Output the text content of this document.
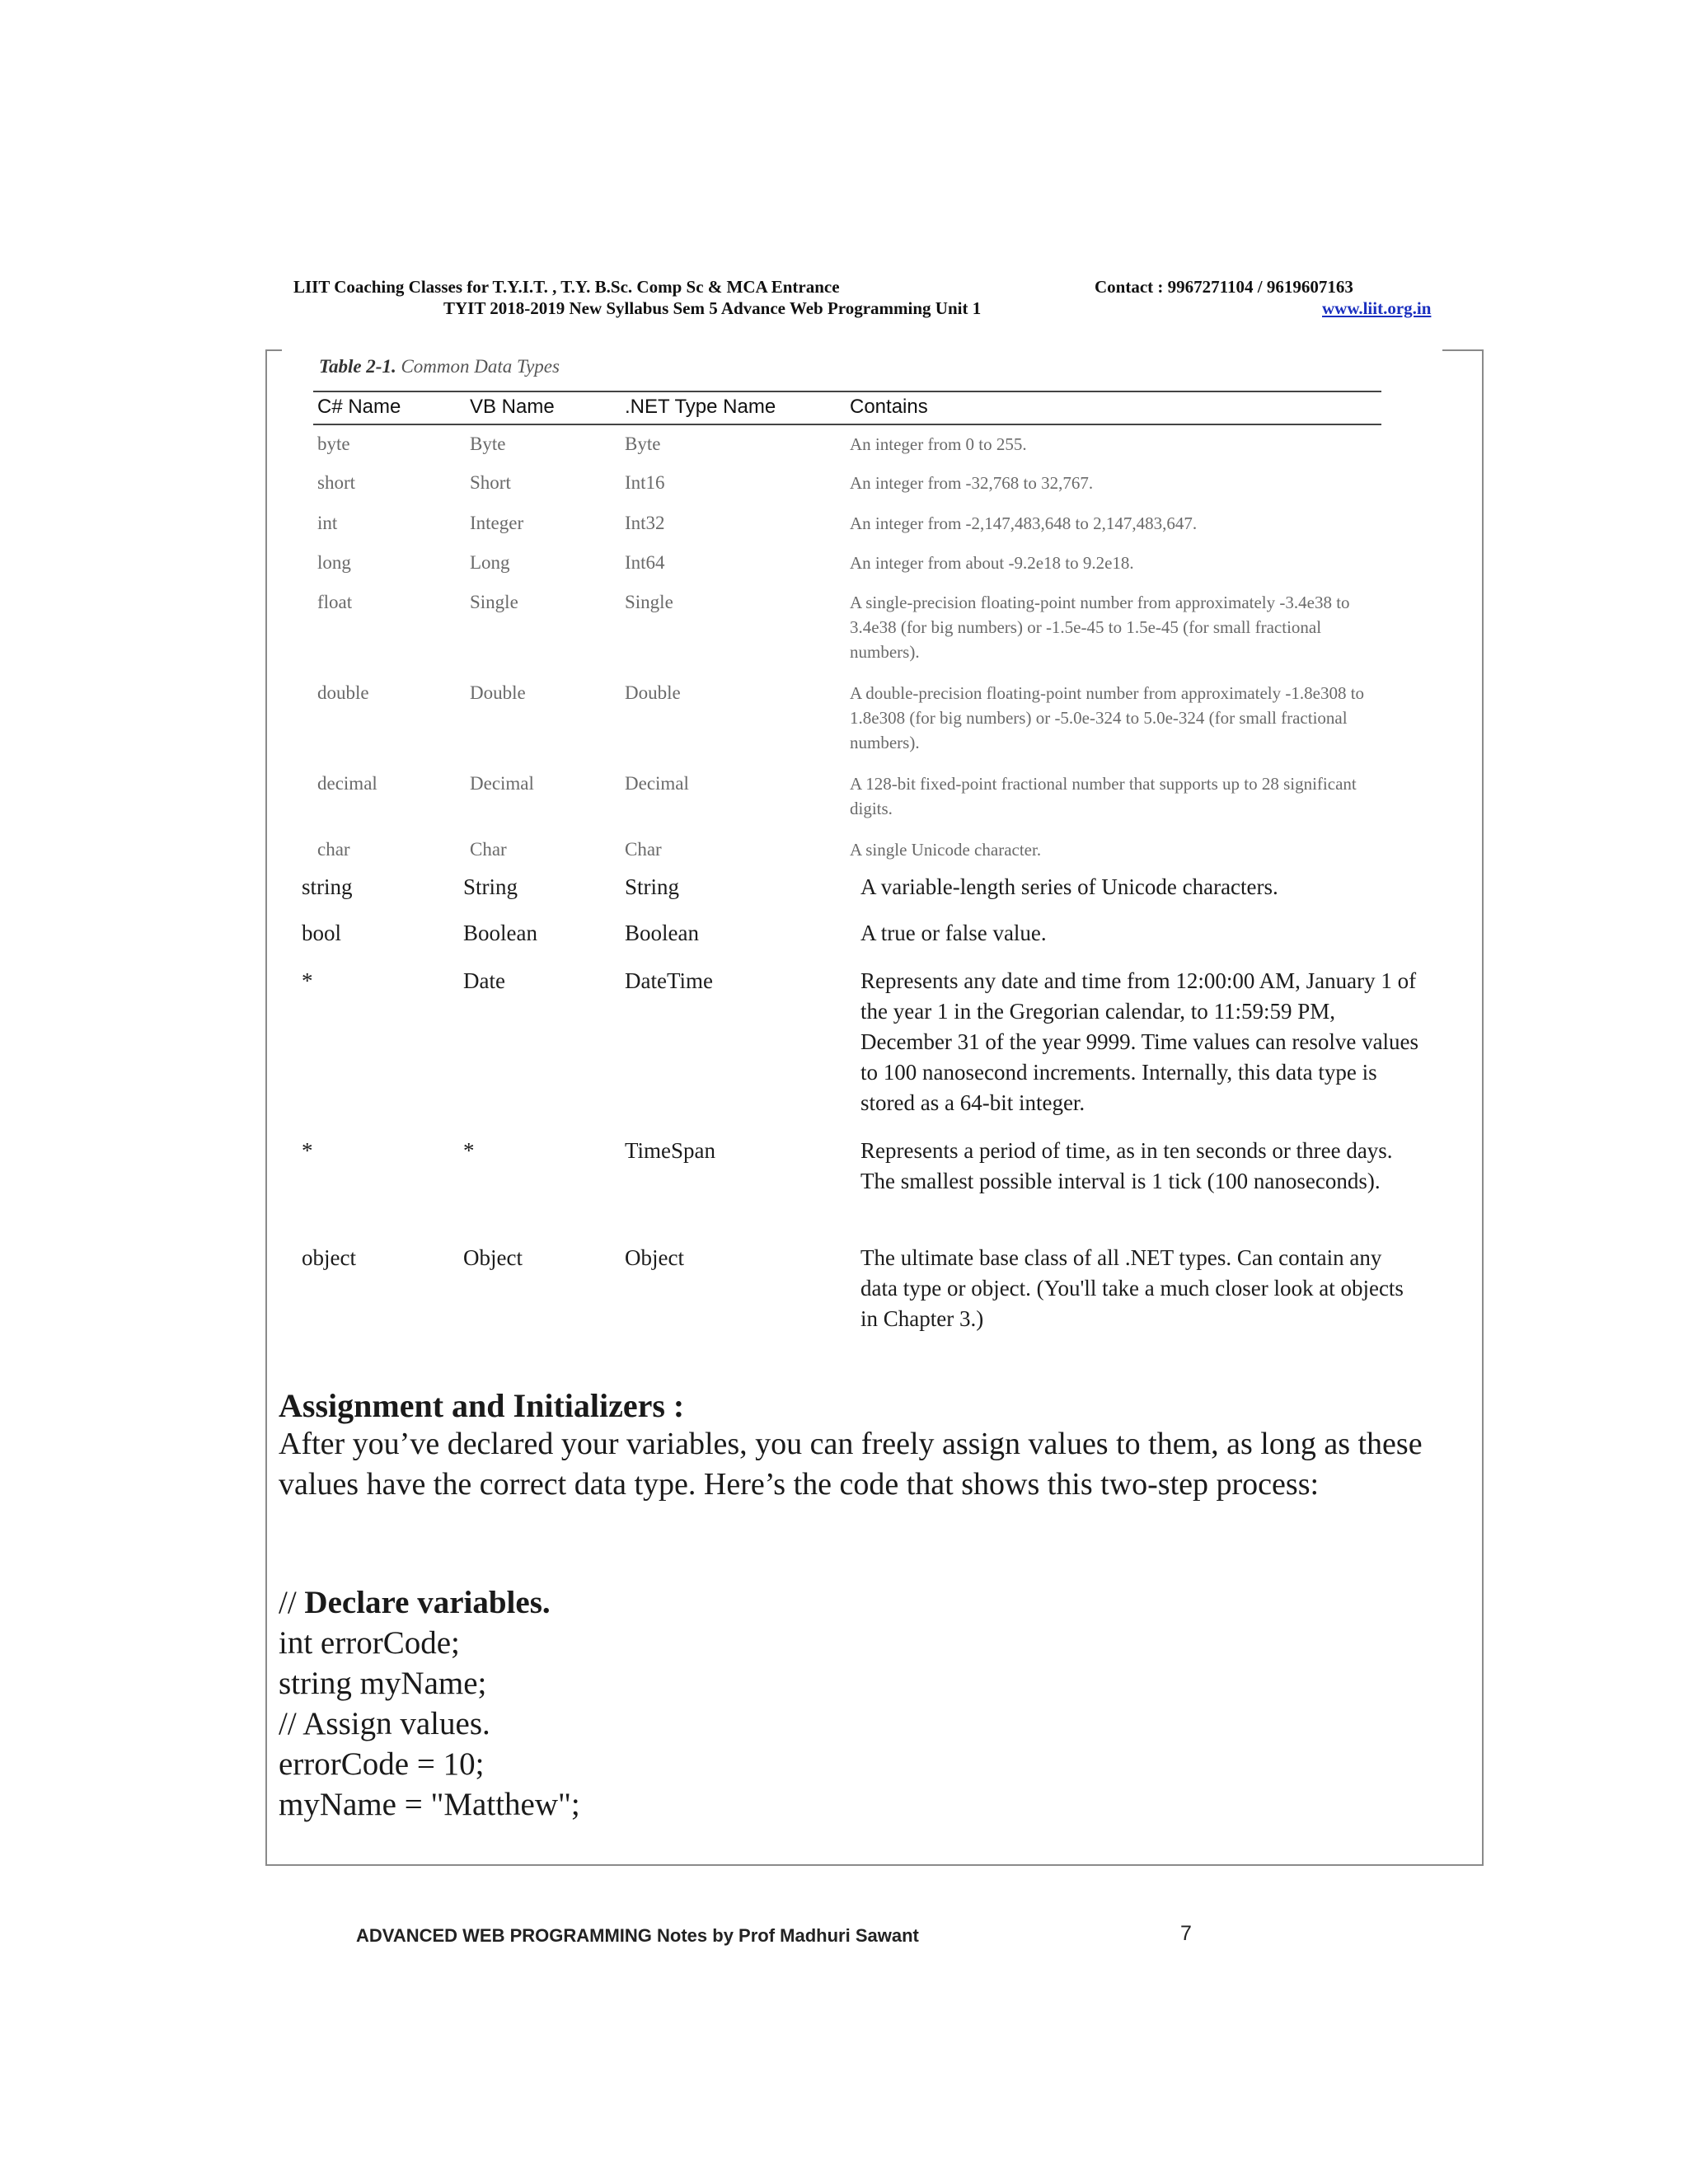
LIIT Coaching Classes for T.Y.I.T. , T.Y. B.Sc. Comp Sc & MCA Entrance	Contact : 9967271104 / 9619607163
TYIT 2018-2019 New Syllabus Sem 5 Advance Web Programming Unit 1	www.liit.org.in
Table 2-1. Common Data Types
C# Name	VB Name	.NET Type Name	Contains
byte	Byte	Byte	An integer from 0 to 255.
short	Short	Int16	An integer from -32,768 to 32,767.
int	Integer	Int32	An integer from -2,147,483,648 to 2,147,483,647.
long	Long	Int64	An integer from about -9.2e18 to 9.2e18.
float	Single	Single	A single-precision floating-point number from approximately -3.4e38 to 3.4e38 (for big numbers) or -1.5e-45 to 1.5e-45 (for small fractional numbers).
double	Double	Double	A double-precision floating-point number from approximately -1.8e308 to 1.8e308 (for big numbers) or -5.0e-324 to 5.0e-324 (for small fractional numbers).
decimal	Decimal	Decimal	A 128-bit fixed-point fractional number that supports up to 28 significant digits.
char	Char	Char	A single Unicode character.
string	String	String	A variable-length series of Unicode characters.
bool	Boolean	Boolean	A true or false value.
*	Date	DateTime	Represents any date and time from 12:00:00 AM, January 1 of the year 1 in the Gregorian calendar, to 11:59:59 PM, December 31 of the year 9999. Time values can resolve values to 100 nanosecond increments. Internally, this data type is stored as a 64-bit integer.
*	*	TimeSpan	Represents a period of time, as in ten seconds or three days. The smallest possible interval is 1 tick (100 nanoseconds).
object	Object	Object	The ultimate base class of all .NET types. Can contain any data type or object. (You'll take a much closer look at objects in Chapter 3.)
Assignment and Initializers :
After you’ve declared your variables, you can freely assign values to them, as long as these values have the correct data type. Here’s the code that shows this two-step process:
// Declare variables.
int errorCode;
string myName;
// Assign values.
errorCode = 10;
myName = "Matthew";
ADVANCED WEB PROGRAMMING Notes by Prof Madhuri Sawant	7
